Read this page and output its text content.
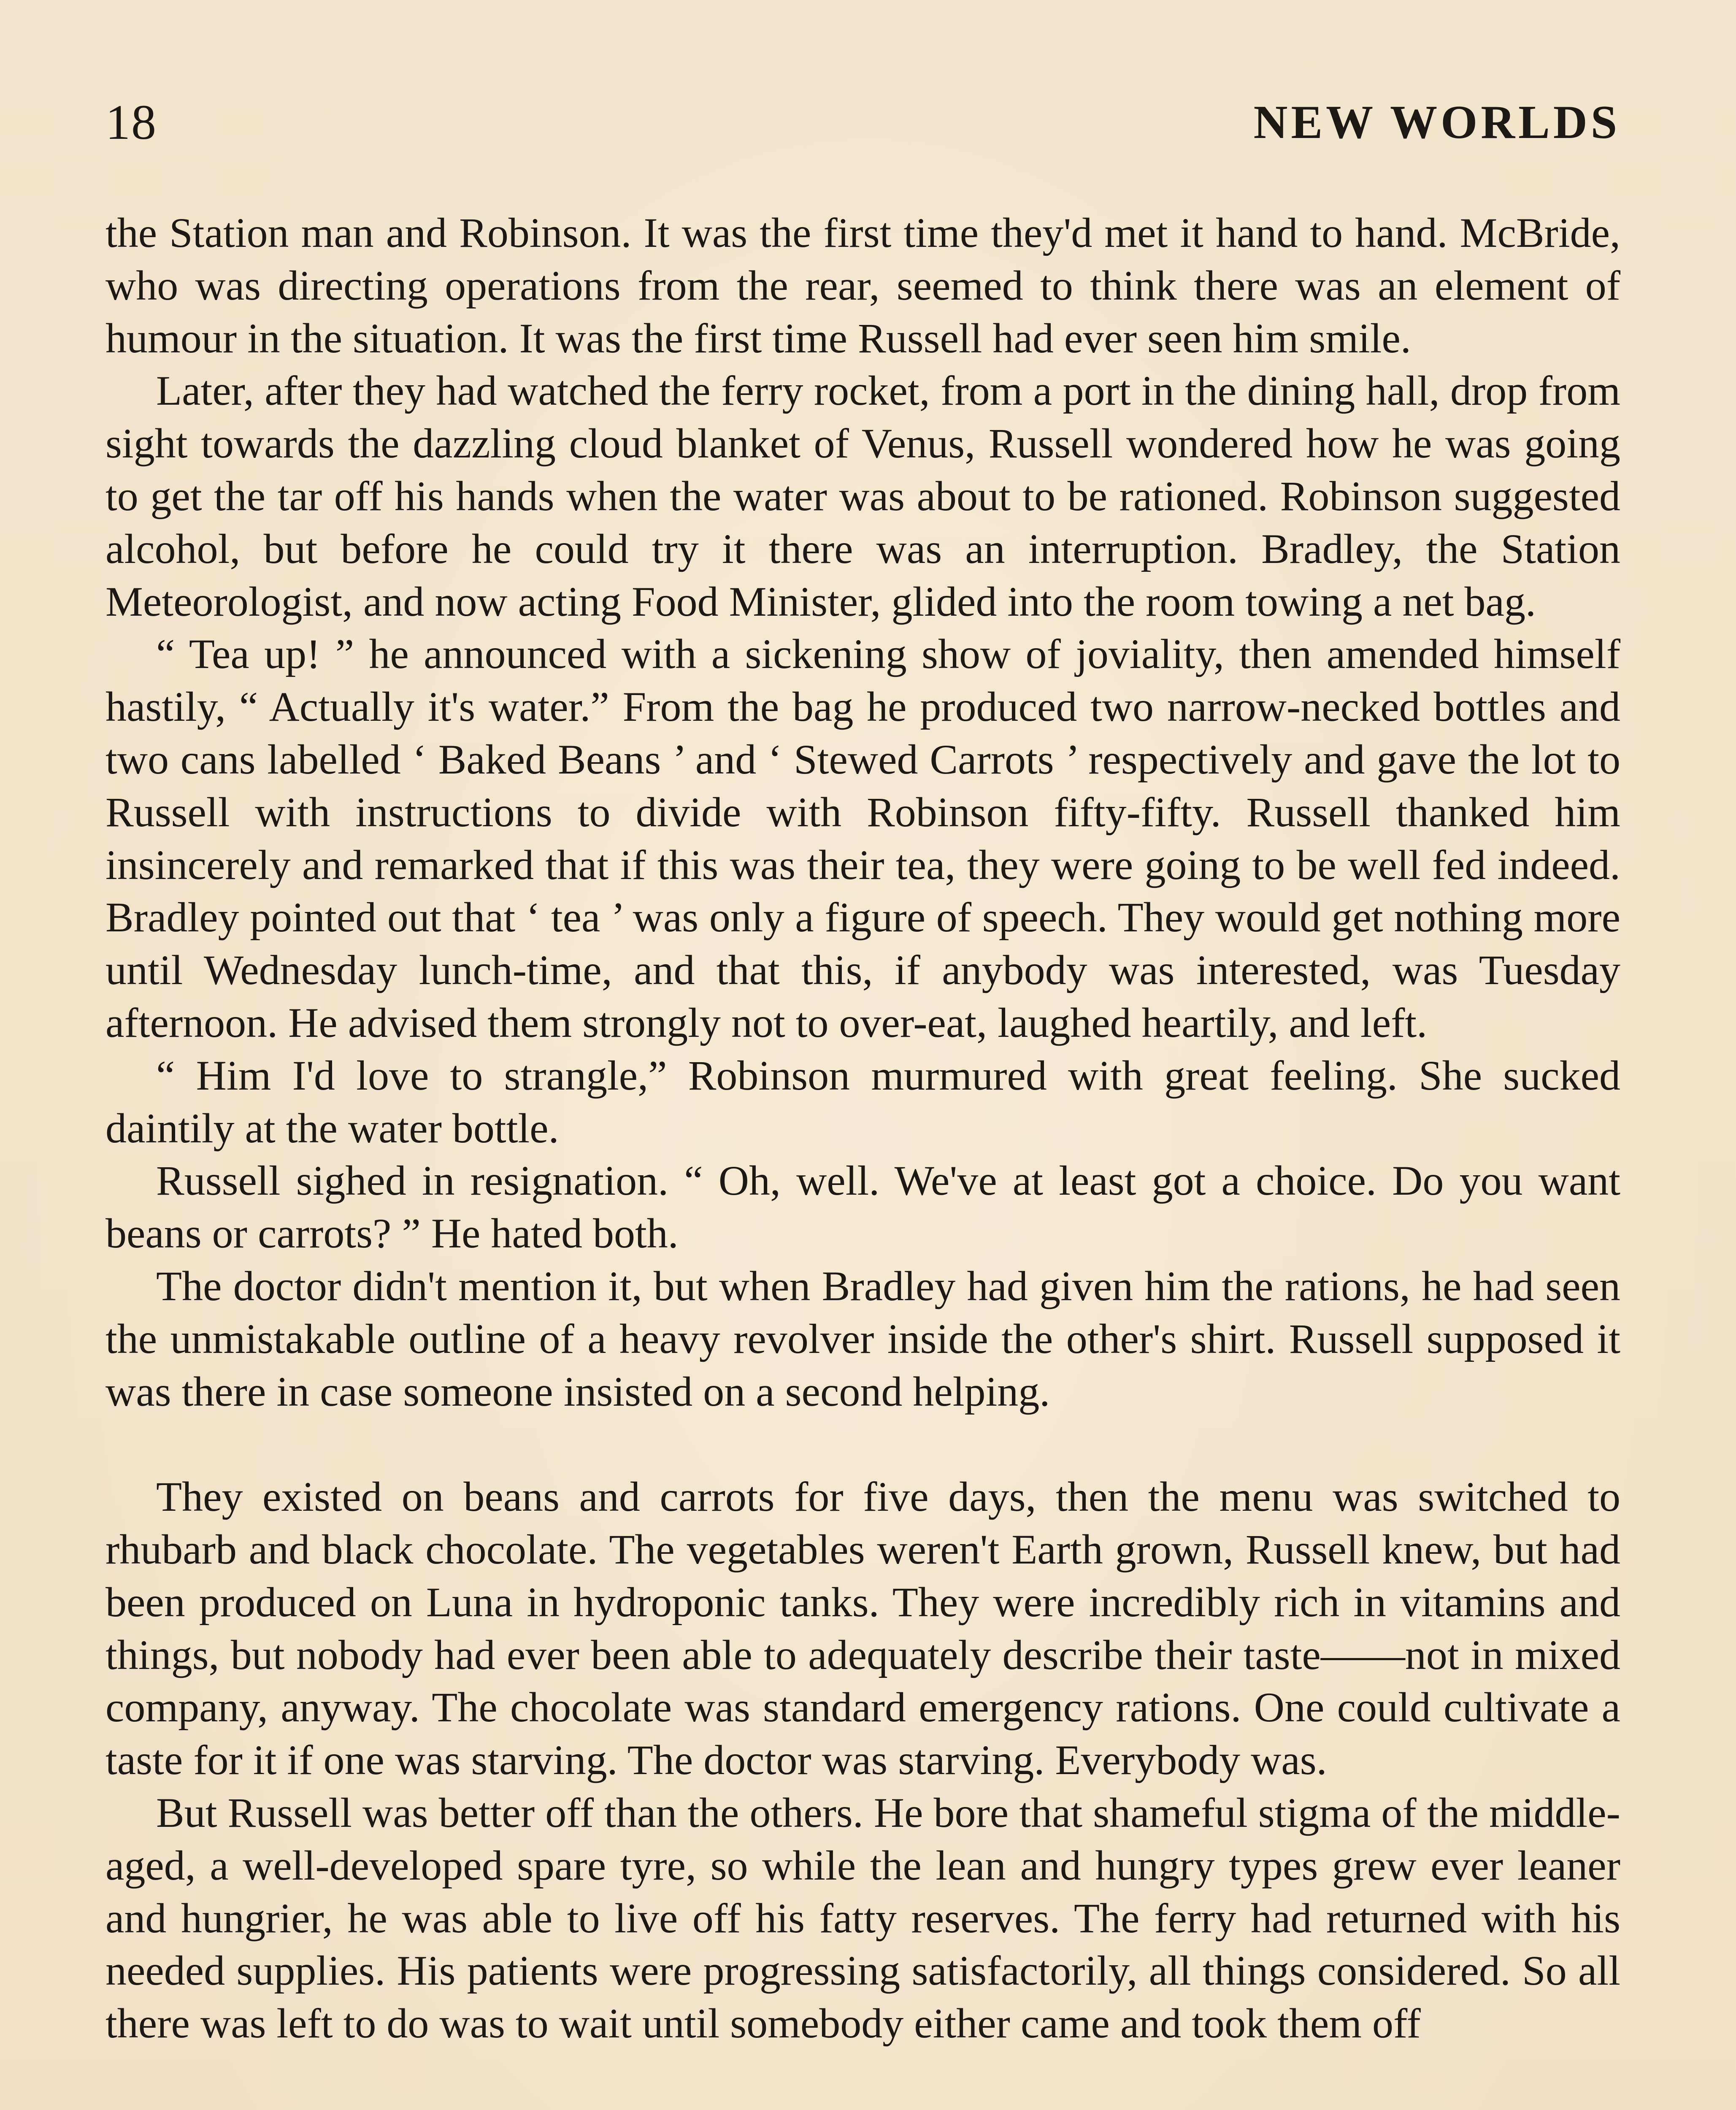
18	NEW WORLDS

the Station man and Robinson. It was the first time they'd met it hand to hand. McBride, who was directing operations from the rear, seemed to think there was an element of humour in the situation. It was the first time Russell had ever seen him smile.

Later, after they had watched the ferry rocket, from a port in the dining hall, drop from sight towards the dazzling cloud blanket of Venus, Russell wondered how he was going to get the tar off his hands when the water was about to be rationed. Robinson suggested alcohol, but before he could try it there was an interruption. Bradley, the Station Meteorologist, and now acting Food Minister, glided into the room towing a net bag.

“ Tea up! ” he announced with a sickening show of joviality, then amended himself hastily, “ Actually it's water.” From the bag he produced two narrow-necked bottles and two cans labelled ‘ Baked Beans ’ and ‘ Stewed Carrots ’ respectively and gave the lot to Russell with instructions to divide with Robinson fifty-fifty. Russell thanked him insincerely and remarked that if this was their tea, they were going to be well fed indeed. Bradley pointed out that ‘ tea ’ was only a figure of speech. They would get nothing more until Wednesday lunch-time, and that this, if anybody was interested, was Tuesday afternoon. He advised them strongly not to over-eat, laughed heartily, and left.

“ Him I'd love to strangle,” Robinson murmured with great feeling. She sucked daintily at the water bottle.

Russell sighed in resignation. “ Oh, well. We've at least got a choice. Do you want beans or carrots? ” He hated both.

The doctor didn't mention it, but when Bradley had given him the rations, he had seen the unmistakable outline of a heavy revolver inside the other's shirt. Russell supposed it was there in case someone insisted on a second helping.

They existed on beans and carrots for five days, then the menu was switched to rhubarb and black chocolate. The vegetables weren't Earth grown, Russell knew, but had been produced on Luna in hydroponic tanks. They were incredibly rich in vitamins and things, but nobody had ever been able to adequately describe their taste——not in mixed company, anyway. The chocolate was standard emergency rations. One could cultivate a taste for it if one was starving. The doctor was starving. Everybody was.

But Russell was better off than the others. He bore that shameful stigma of the middle-aged, a well-developed spare tyre, so while the lean and hungry types grew ever leaner and hungrier, he was able to live off his fatty reserves. The ferry had returned with his needed supplies. His patients were progressing satisfactorily, all things considered. So all there was left to do was to wait until somebody either came and took them off
